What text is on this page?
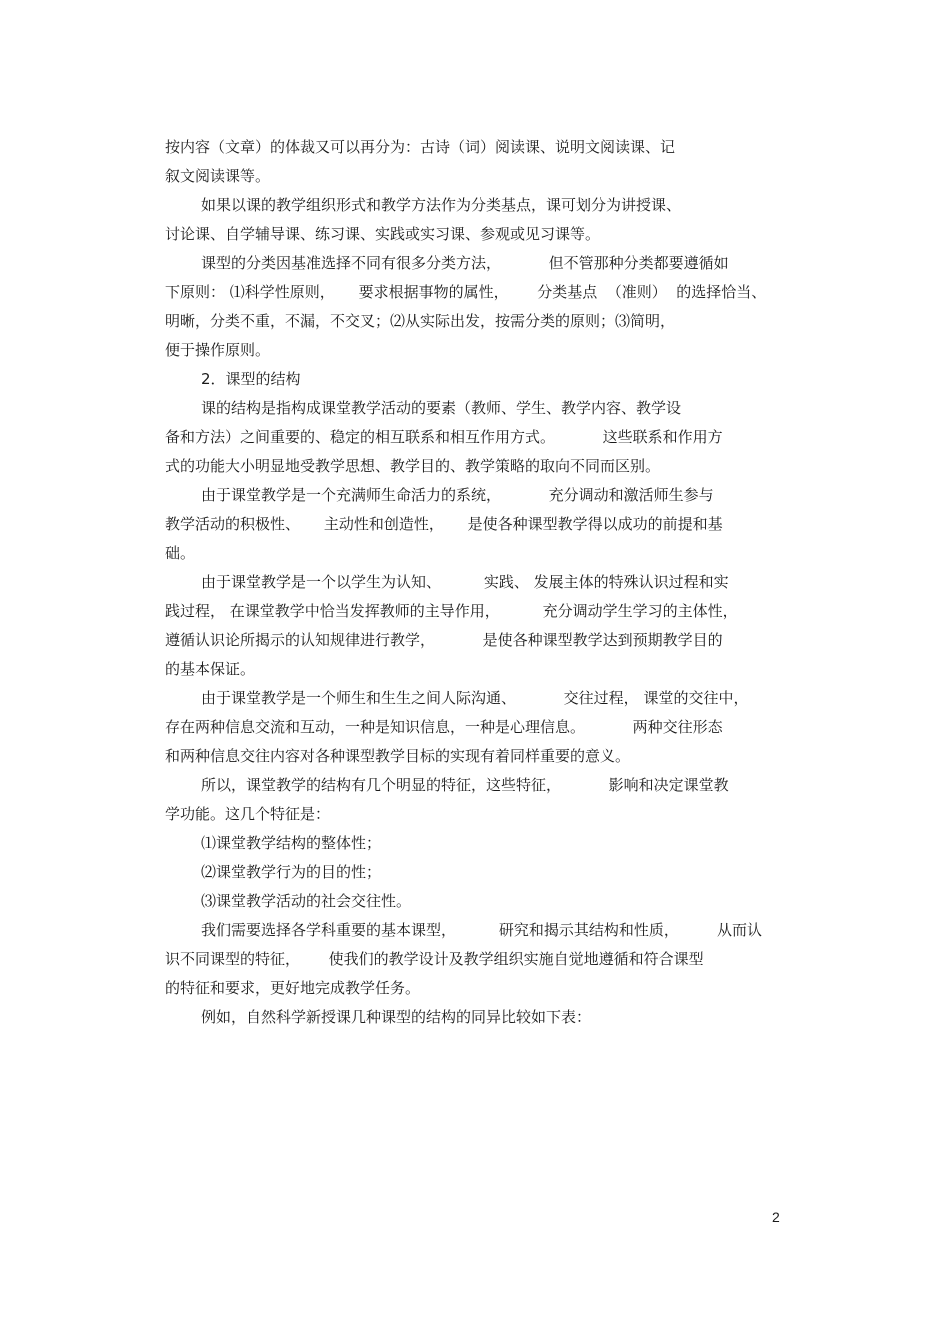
按内容（文章）的体裁又可以再分为：古诗（词）阅读课、说明文阅读课、记
叙文阅读课等。
如果以课的教学组织形式和教学方法作为分类基点，课可划分为讲授课、
讨论课、自学辅导课、练习课、实践或实习课、参观或见习课等。
课型的分类因基准选择不同有很多分类方法，          但不管那种分类都要遵循如
下原则： ⑴科学性原则，     要求根据事物的属性，      分类基点  （准则）  的选择恰当、
明晰，分类不重，不漏，不交叉；⑵从实际出发，按需分类的原则；⑶简明，
便于操作原则。
2．课型的结构
课的结构是指构成课堂教学活动的要素（教师、学生、教学内容、教学设
备和方法）之间重要的、稳定的相互联系和相互作用方式。          这些联系和作用方
式的功能大小明显地受教学思想、教学目的、教学策略的取向不同而区别。
由于课堂教学是一个充满师生命活力的系统，          充分调动和激活师生参与
教学活动的积极性、     主动性和创造性，     是使各种课型教学得以成功的前提和基
础。
由于课堂教学是一个以学生为认知、         实践、 发展主体的特殊认识过程和实
践过程， 在课堂教学中恰当发挥教师的主导作用，         充分调动学生学习的主体性，
遵循认识论所揭示的认知规律进行教学，          是使各种课型教学达到预期教学目的
的基本保证。
由于课堂教学是一个师生和生生之间人际沟通、          交往过程， 课堂的交往中，
存在两种信息交流和互动，一种是知识信息，一种是心理信息。          两种交往形态
和两种信息交往内容对各种课型教学目标的实现有着同样重要的意义。
所以，课堂教学的结构有几个明显的特征，这些特征，          影响和决定课堂教
学功能。这几个特征是：
⑴课堂教学结构的整体性；
⑵课堂教学行为的目的性；
⑶课堂教学活动的社会交往性。
我们需要选择各学科重要的基本课型，         研究和揭示其结构和性质，        从而认
识不同课型的特征，      使我们的教学设计及教学组织实施自觉地遵循和符合课型
的特征和要求，更好地完成教学任务。
例如，自然科学新授课几种课型的结构的同异比较如下表：
2
